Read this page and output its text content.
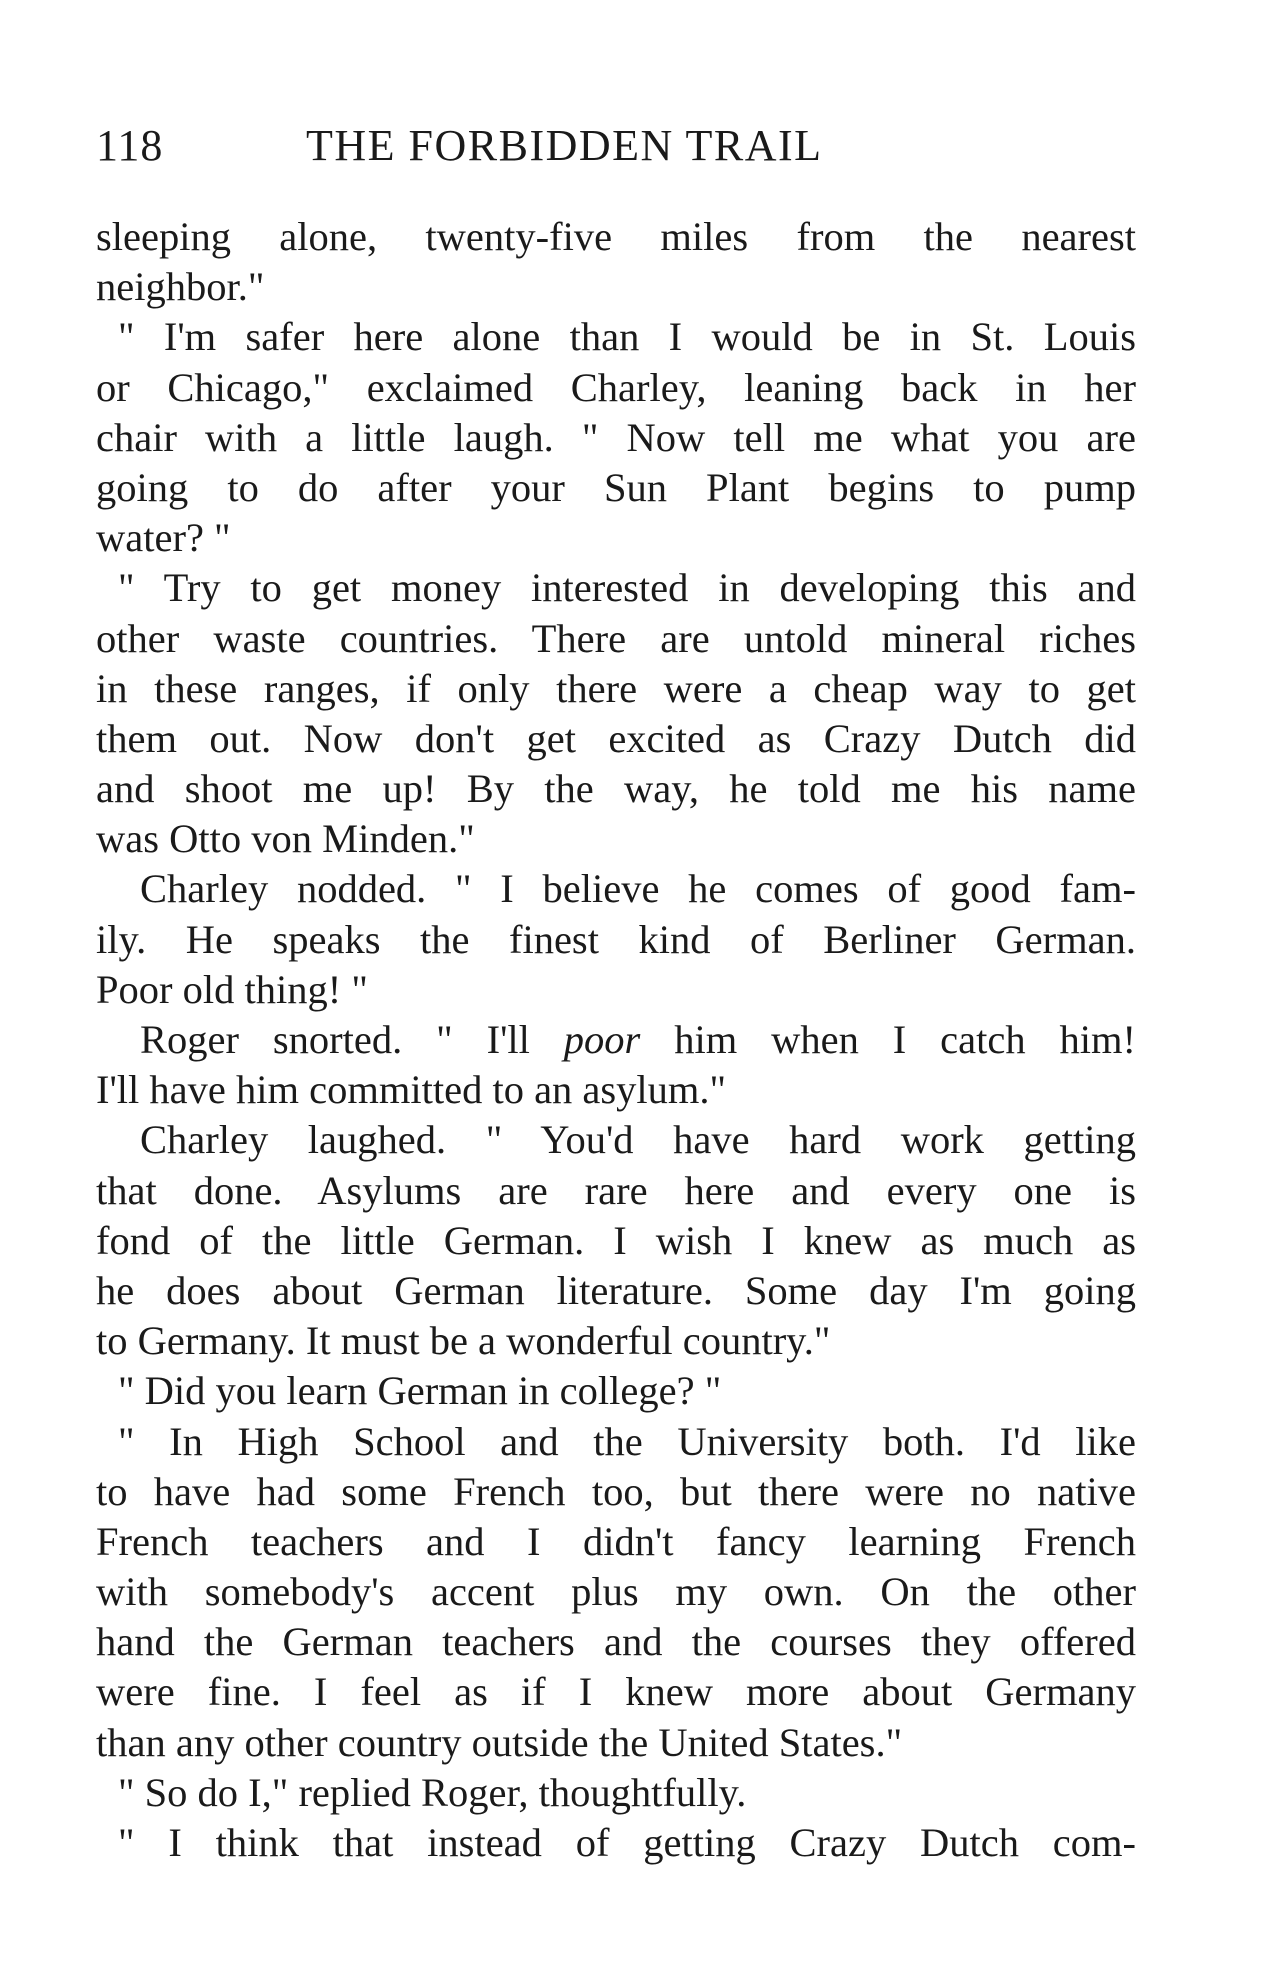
118	THE FORBIDDEN TRAIL
sleeping alone, twenty-five miles from the nearest
neighbor."
" I'm safer here alone than I would be in St. Louis
or Chicago," exclaimed Charley, leaning back in her
chair with a little laugh. " Now tell me what you are
going to do after your Sun Plant begins to pump
water? "
" Try to get money interested in developing this and
other waste countries. There are untold mineral riches
in these ranges, if only there were a cheap way to get
them out. Now don't get excited as Crazy Dutch did
and shoot me up! By the way, he told me his name
was Otto von Minden."
Charley nodded. " I believe he comes of good fam-
ily. He speaks the finest kind of Berliner German.
Poor old thing! "
Roger snorted. " I'll poor him when I catch him!
I'll have him committed to an asylum."
Charley laughed. " You'd have hard work getting
that done. Asylums are rare here and every one is
fond of the little German. I wish I knew as much as
he does about German literature. Some day I'm going
to Germany. It must be a wonderful country."
" Did you learn German in college? "
" In High School and the University both. I'd like
to have had some French too, but there were no native
French teachers and I didn't fancy learning French
with somebody's accent plus my own. On the other
hand the German teachers and the courses they offered
were fine. I feel as if I knew more about Germany
than any other country outside the United States."
" So do I," replied Roger, thoughtfully.
" I think that instead of getting Crazy Dutch com-
